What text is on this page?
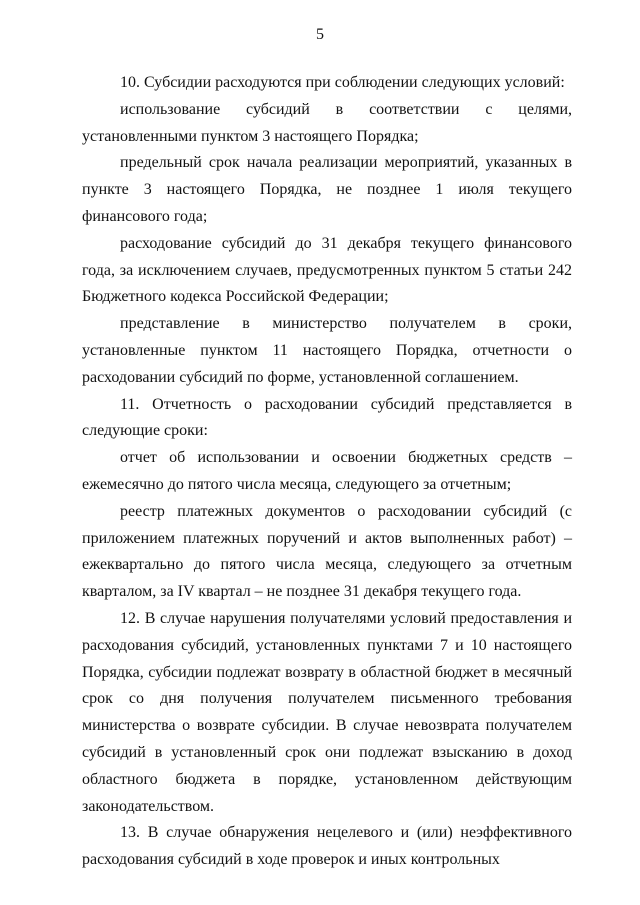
5

10. Субсидии расходуются при соблюдении следующих условий:

использование субсидий в соответствии с целями, установленными пунктом 3 настоящего Порядка;

предельный срок начала реализации мероприятий, указанных в пункте 3 настоящего Порядка, не позднее 1 июля текущего финансового года;

расходование субсидий до 31 декабря текущего финансового года, за исключением случаев, предусмотренных пунктом 5 статьи 242 Бюджетного кодекса Российской Федерации;

представление в министерство получателем в сроки, установленные пунктом 11 настоящего Порядка, отчетности о расходовании субсидий по форме, установленной соглашением.

11. Отчетность о расходовании субсидий представляется в следующие сроки:

отчет об использовании и освоении бюджетных средств – ежемесячно до пятого числа месяца, следующего за отчетным;

реестр платежных документов о расходовании субсидий (с приложением платежных поручений и актов выполненных работ) – ежеквартально до пятого числа месяца, следующего за отчетным кварталом, за IV квартал – не позднее 31 декабря текущего года.

12. В случае нарушения получателями условий предоставления и расходования субсидий, установленных пунктами 7 и 10 настоящего Порядка, субсидии подлежат возврату в областной бюджет в месячный срок со дня получения получателем письменного требования министерства о возврате субсидии. В случае невозврата получателем субсидий в установленный срок они подлежат взысканию в доход областного бюджета в порядке, установленном действующим законодательством.

13. В случае обнаружения нецелевого и (или) неэффективного расходования субсидий в ходе проверок и иных контрольных
